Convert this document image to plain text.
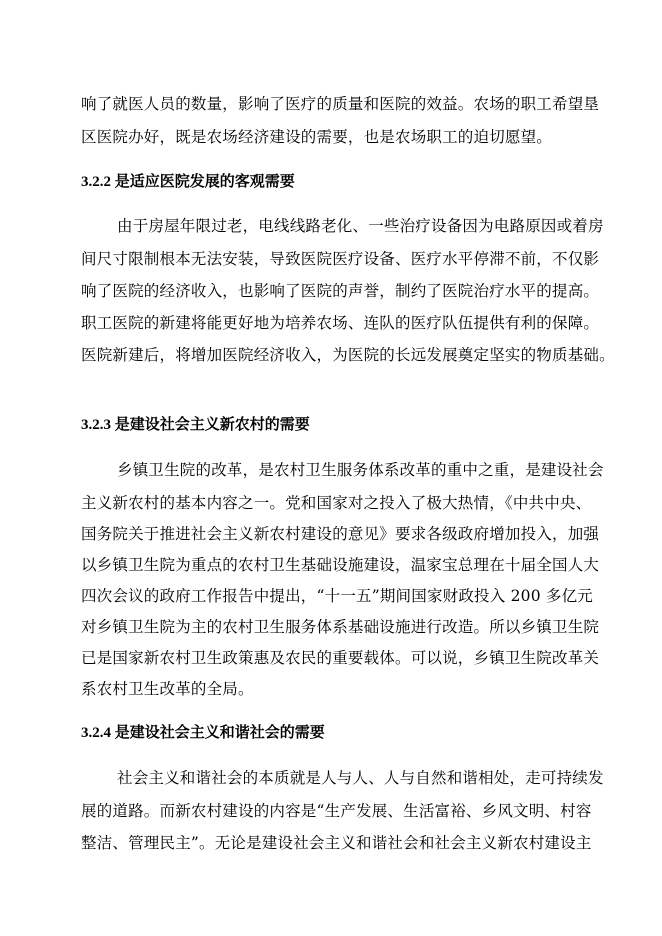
响了就医人员的数量，影响了医疗的质量和医院的效益。农场的职工希望垦
区医院办好，既是农场经济建设的需要，也是农场职工的迫切愿望。
3.2.2 是适应医院发展的客观需要
由于房屋年限过老，电线线路老化、一些治疗设备因为电路原因或着房
间尺寸限制根本无法安装，导致医院医疗设备、医疗水平停滞不前，不仅影
响了医院的经济收入，也影响了医院的声誉，制约了医院治疗水平的提高。
职工医院的新建将能更好地为培养农场、连队的医疗队伍提供有利的保障。
医院新建后，将增加医院经济收入，为医院的长远发展奠定坚实的物质基础。
3.2.3 是建设社会主义新农村的需要
乡镇卫生院的改革，是农村卫生服务体系改革的重中之重，是建设社会
主义新农村的基本内容之一。党和国家对之投入了极大热情，《中共中央、
国务院关于推进社会主义新农村建设的意见》要求各级政府增加投入，加强
以乡镇卫生院为重点的农村卫生基础设施建设，温家宝总理在十届全国人大
四次会议的政府工作报告中提出，“十一五”期间国家财政投入 200 多亿元
对乡镇卫生院为主的农村卫生服务体系基础设施进行改造。所以乡镇卫生院
已是国家新农村卫生政策惠及农民的重要载体。可以说，乡镇卫生院改革关
系农村卫生改革的全局。
3.2.4 是建设社会主义和谐社会的需要
社会主义和谐社会的本质就是人与人、人与自然和谐相处，走可持续发
展的道路。而新农村建设的内容是“生产发展、生活富裕、乡风文明、村容
整洁、管理民主”。无论是建设社会主义和谐社会和社会主义新农村建设主
